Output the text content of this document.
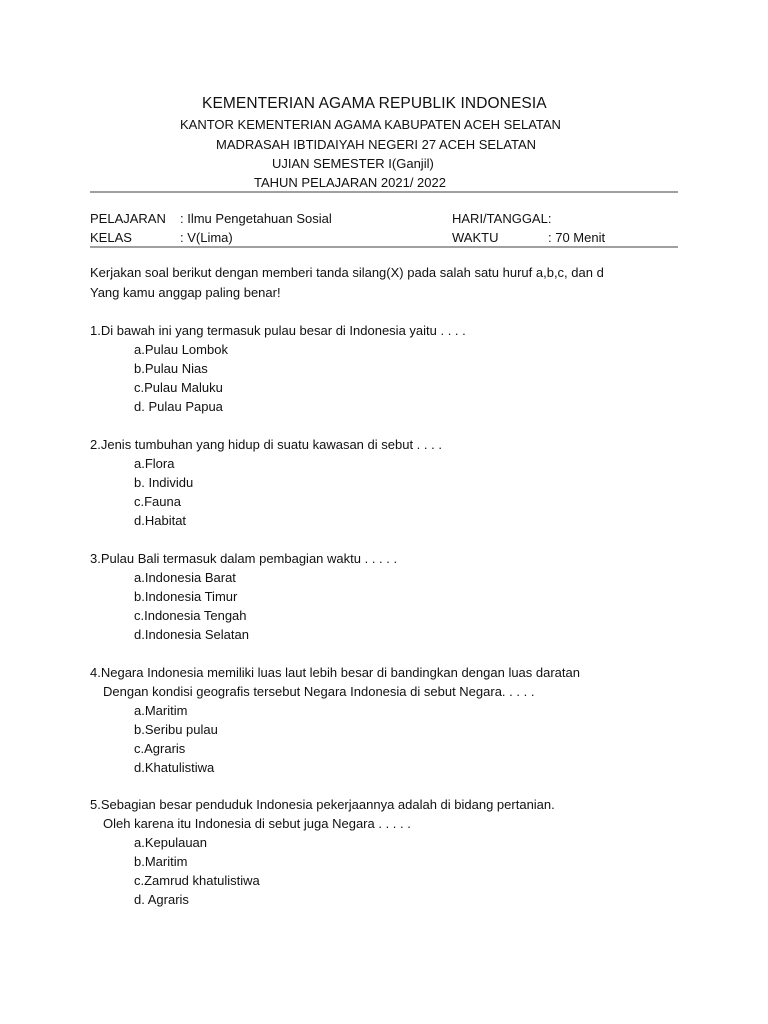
KEMENTERIAN AGAMA REPUBLIK INDONESIA
KANTOR KEMENTERIAN AGAMA KABUPATEN ACEH SELATAN
MADRASAH IBTIDAIYAH NEGERI 27 ACEH SELATAN
UJIAN SEMESTER I(Ganjil)
TAHUN PELAJARAN 2021/ 2022
PELAJARAN : Ilmu Pengetahuan Sosial	HARI/TANGGAL:
KELAS	: V(Lima)	WAKTU	: 70 Menit
Kerjakan soal berikut dengan memberi tanda silang(X) pada salah satu huruf a,b,c, dan d
Yang kamu anggap paling benar!
1.Di bawah ini yang termasuk pulau besar di Indonesia yaitu . . . .
a.Pulau Lombok
b.Pulau Nias
c.Pulau Maluku
d. Pulau Papua
2.Jenis tumbuhan yang hidup di suatu kawasan di sebut . . . .
a.Flora
b. Individu
c.Fauna
d.Habitat
3.Pulau Bali termasuk dalam pembagian waktu . . . . .
a.Indonesia Barat
b.Indonesia Timur
c.Indonesia Tengah
d.Indonesia Selatan
4.Negara Indonesia memiliki luas laut lebih besar di bandingkan dengan luas daratan
Dengan kondisi geografis tersebut Negara Indonesia di sebut Negara. . . . .
a.Maritim
b.Seribu pulau
c.Agraris
d.Khatulistiwa
5.Sebagian besar penduduk Indonesia pekerjaannya adalah di bidang pertanian.
Oleh karena itu Indonesia di sebut juga Negara . . . . .
a.Kepulauan
b.Maritim
c.Zamrud khatulistiwa
d. Agraris
